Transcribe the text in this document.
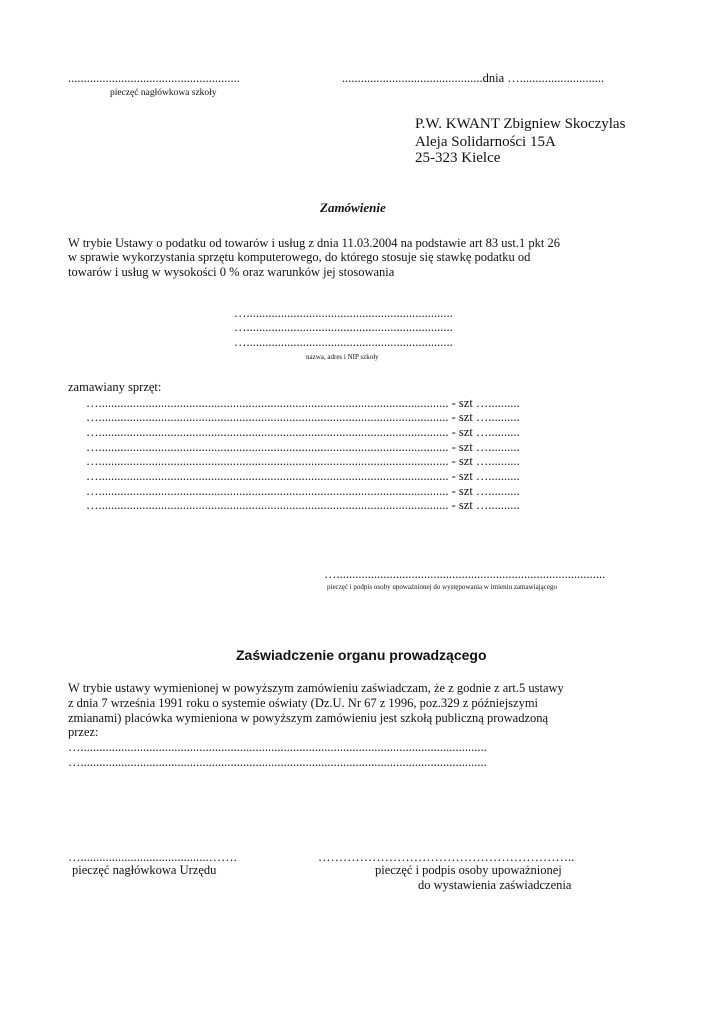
.......................................................
pieczęć nagłówkowa szkoły
.............................................dnia …...........................
P.W. KWANT Zbigniew Skoczylas
Aleja Solidarności 15A
25-323 Kielce
Zamówienie
W trybie Ustawy o podatku od towarów i usług z dnia 11.03.2004 na podstawie art 83 ust.1 pkt 26
w sprawie wykorzystania sprzętu komputerowego, do którego stosuje się stawkę podatku od
towarów i usług w wysokości 0 % oraz warunków jej stosowania
…..................................................................
…..................................................................
…..................................................................
nazwa, adres i NIP szkoły
zamawiany sprzęt:
…................................................................................................................ - szt …..........
…................................................................................................................ - szt …..........
…................................................................................................................ - szt …..........
…................................................................................................................ - szt …..........
…................................................................................................................ - szt …..........
…................................................................................................................ - szt …..........
…................................................................................................................ - szt …..........
…................................................................................................................ - szt …..........
…......................................................................................
pieczęć i podpis osoby upoważnionej do występowania w imieniu zamawiającego
Zaświadczenie organu prowadzącego
W trybie ustawy wymienionej w powyższym zamówieniu zaświadczam, że z godnie z art.5 ustawy
z dnia 7 września 1991 roku o systemie oświaty (Dz.U. Nr 67 z 1996, poz.329 z późniejszymi
zmianami) placówka wymieniona w powyższym zamówieniu jest szkołą publiczną prowadzoną
przez:
…..................................................................................................................................
…..................................................................................................................................
….........................................…….
pieczęć nagłówkowa Urzędu
……………………………………………………..
pieczęć i podpis osoby upoważnionej
do wystawienia zaświadczenia
